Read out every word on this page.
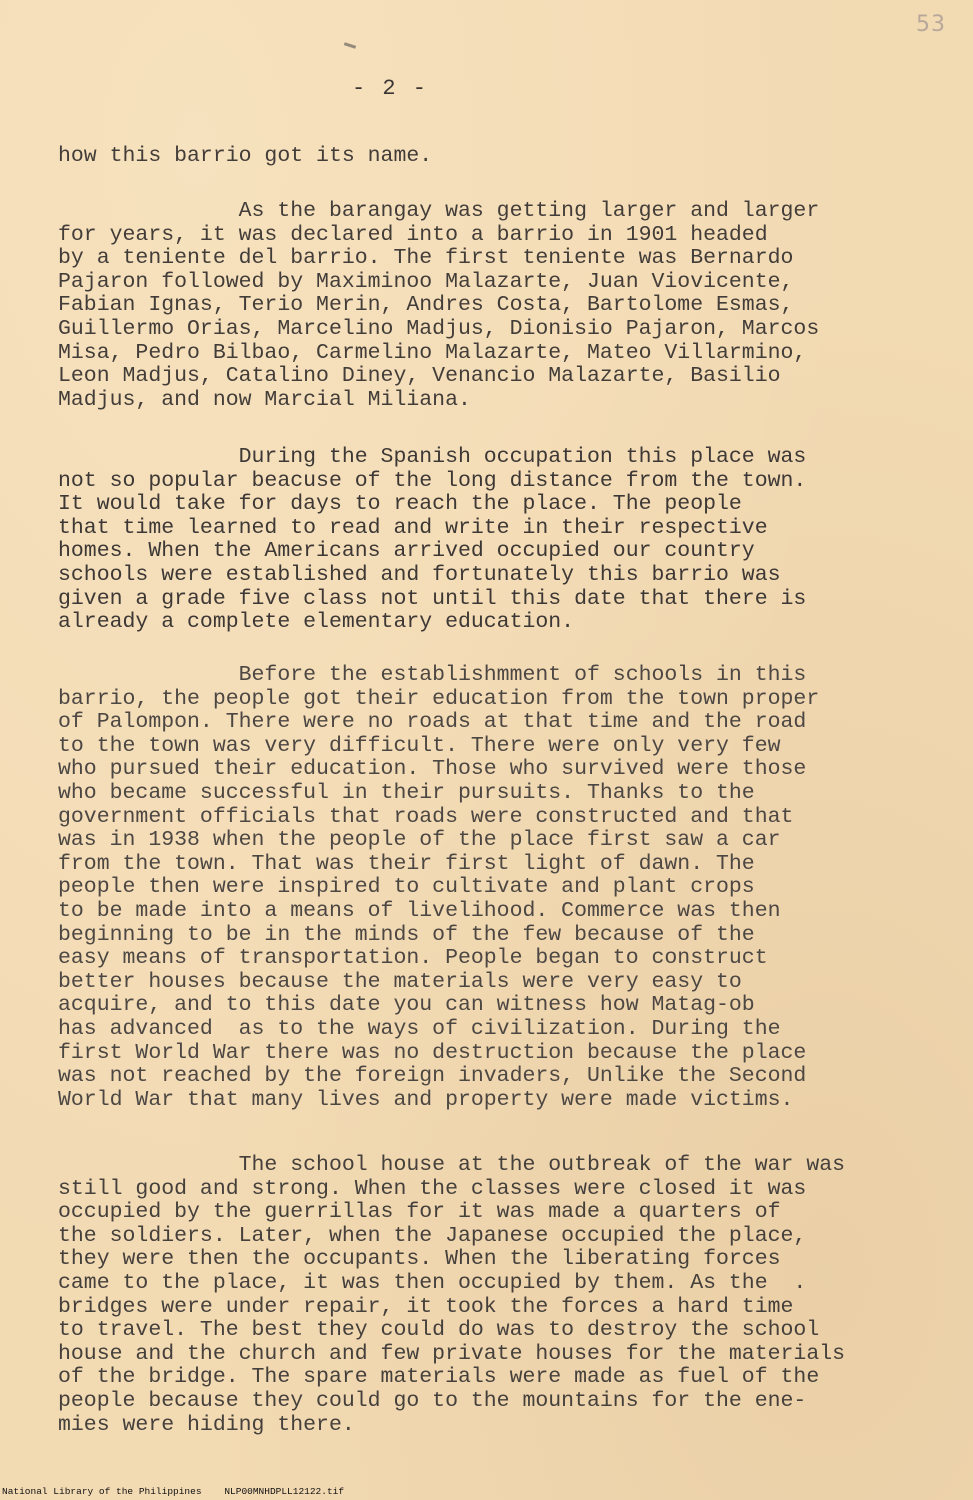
53
- 2 -

how this barrio got its name.

As the barangay was getting larger and larger
for years, it was declared into a barrio in 1901 headed
by a teniente del barrio. The first teniente was Bernardo
Pajaron followed by Maximinoo Malazarte, Juan Viovicente,
Fabian Ignas, Terio Merin, Andres Costa, Bartolome Esmas,
Guillermo Orias, Marcelino Madjus, Dionisio Pajaron, Marcos
Misa, Pedro Bilbao, Carmelino Malazarte, Mateo Villarmino,
Leon Madjus, Catalino Diney, Venancio Malazarte, Basilio
Madjus, and now Marcial Miliana.

During the Spanish occupation this place was
not so popular beacuse of the long distance from the town.
It would take for days to reach the place. The people
that time learned to read and write in their respective
homes. When the Americans arrived occupied our country
schools were established and fortunately this barrio was
given a grade five class not until this date that there is
already a complete elementary education.

Before the establishmment of schools in this
barrio, the people got their education from the town proper
of Palompon. There were no roads at that time and the road
to the town was very difficult. There were only very few
who pursued their education. Those who survived were those
who became successful in their pursuits. Thanks to the
government officials that roads were constructed and that
was in 1938 when the people of the place first saw a car
from the town. That was their first light of dawn. The
people then were inspired to cultivate and plant crops
to be made into a means of livelihood. Commerce was then
beginning to be in the minds of the few because of the
easy means of transportation. People began to construct
better houses because the materials were very easy to
acquire, and to this date you can witness how Matag-ob
has advanced  as to the ways of civilization. During the
first World War there was no destruction because the place
was not reached by the foreign invaders, Unlike the Second
World War that many lives and property were made victims.

The school house at the outbreak of the war was
still good and strong. When the classes were closed it was
occupied by the guerrillas for it was made a quarters of
the soldiers. Later, when the Japanese occupied the place,
they were then the occupants. When the liberating forces
came to the place, it was then occupied by them. As the  .
bridges were under repair, it took the forces a hard time
to travel. The best they could do was to destroy the school
house and the church and few private houses for the materials
of the bridge. The spare materials were made as fuel of the
people because they could go to the mountains for the ene-
mies were hiding there.

National Library of the Philippines    NLP00MNHDPLL12122.tif
